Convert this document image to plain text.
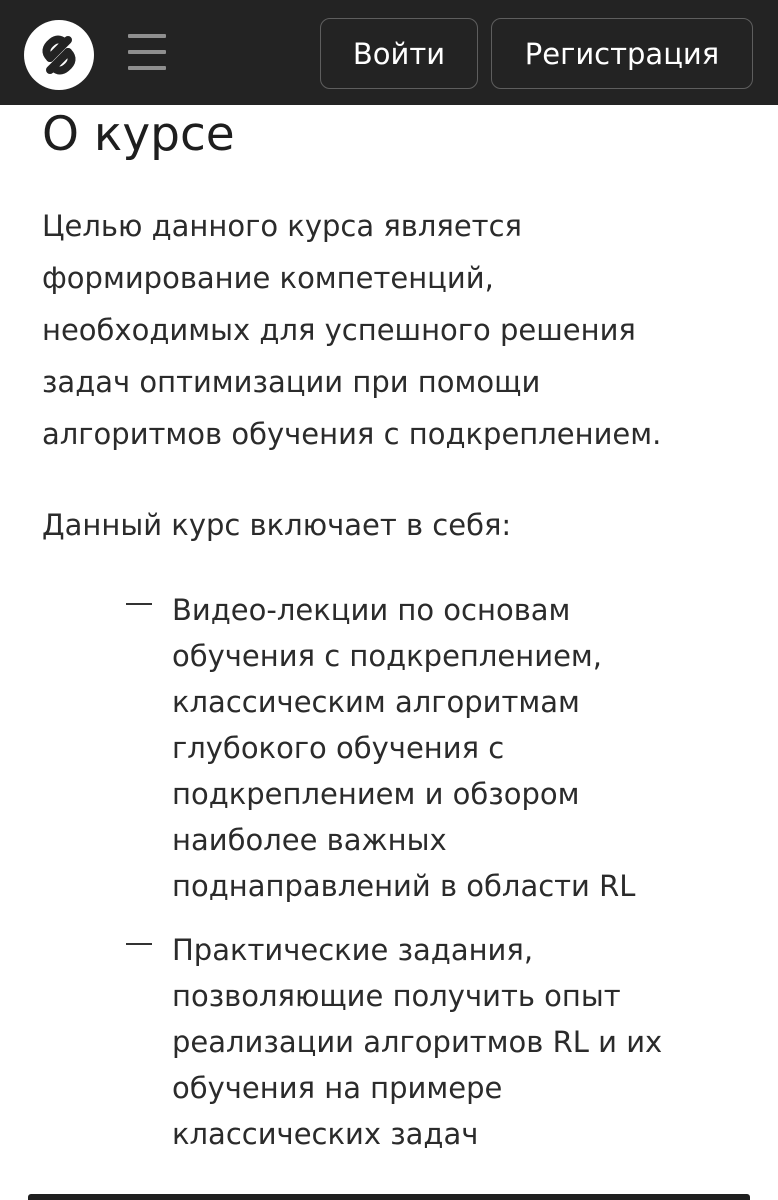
Войти	Регистрация
О курсе
Целью данного курса является
формирование компетенций,
необходимых для успешного решения
задач оптимизации при помощи
алгоритмов обучения с подкреплением.
Данный курс включает в себя:
Видео-лекции по основам
обучения с подкреплением,
классическим алгоритмам
глубокого обучения с
подкреплением и обзором
наиболее важных
поднаправлений в области RL
Практические задания,
позволяющие получить опыт
реализации алгоритмов RL и их
обучения на примере
классических задач
